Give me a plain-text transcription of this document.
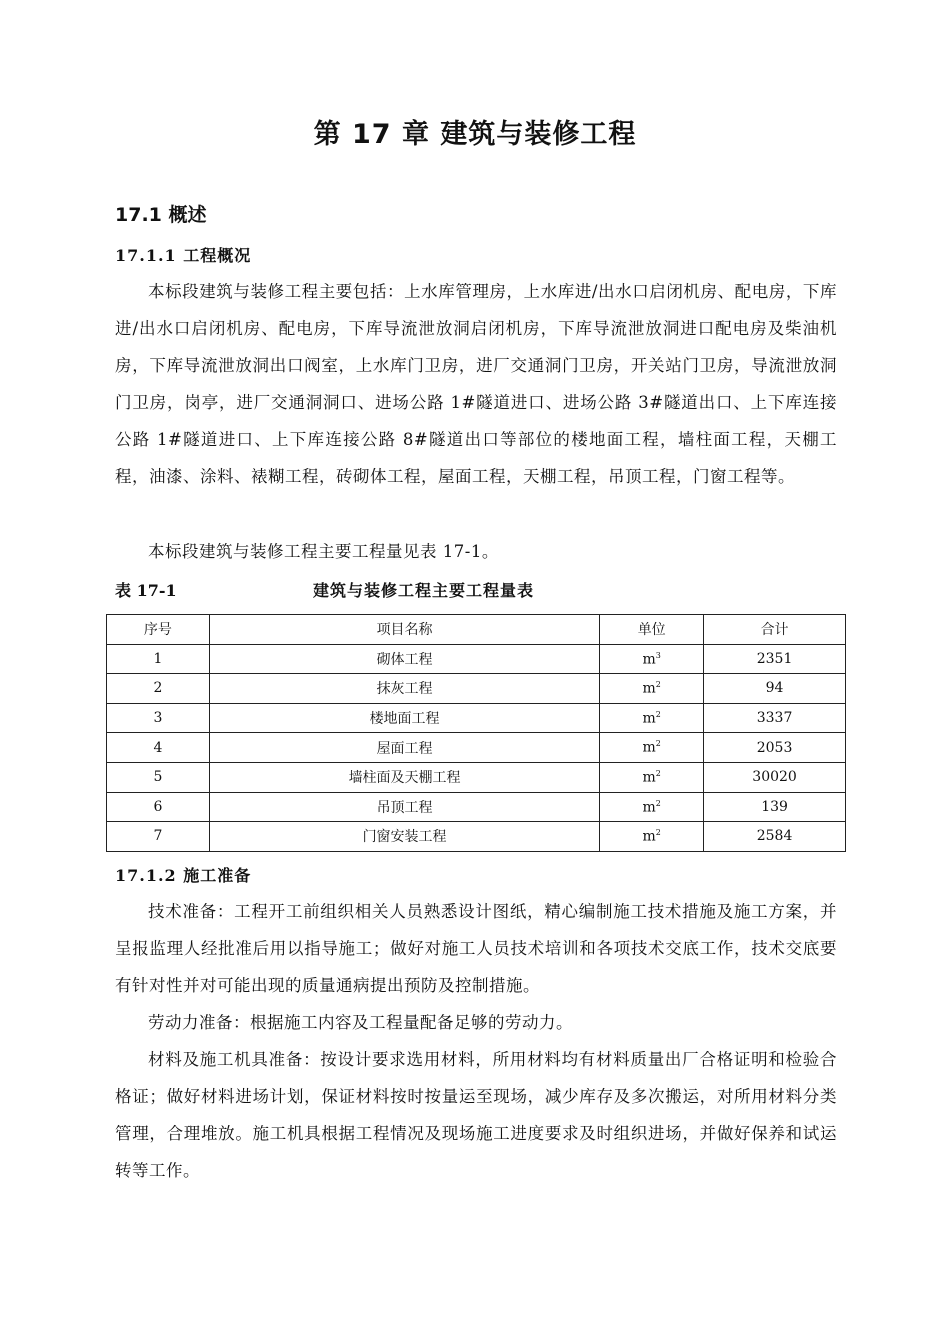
第 17 章 建筑与装修工程
17.1 概述
17.1.1 工程概况
本标段建筑与装修工程主要包括：上水库管理房，上水库进/出水口启闭机房、配电房，下库进/出水口启闭机房、配电房，下库导流泄放洞启闭机房，下库导流泄放洞进口配电房及柴油机房，下库导流泄放洞出口阀室，上水库门卫房，进厂交通洞门卫房，开关站门卫房，导流泄放洞门卫房，岗亭，进厂交通洞洞口、进场公路 1#隧道进口、进场公路 3#隧道出口、上下库连接公路 1#隧道进口、上下库连接公路 8#隧道出口等部位的楼地面工程，墙柱面工程，天棚工程，油漆、涂料、裱糊工程，砖砌体工程，屋面工程，天棚工程，吊顶工程，门窗工程等。
本标段建筑与装修工程主要工程量见表 17-1。
表 17-1	建筑与装修工程主要工程量表
序号	项目名称	单位	合计
1	砌体工程	$m^3$	2351
2	抹灰工程	$m^2$	94
3	楼地面工程	$m^2$	3337
4	屋面工程	$m^2$	2053
5	墙柱面及天棚工程	$m^2$	30020
6	吊顶工程	$m^2$	139
7	门窗安装工程	$m^2$	2584
17.1.2 施工准备
技术准备：工程开工前组织相关人员熟悉设计图纸，精心编制施工技术措施及施工方案，并呈报监理人经批准后用以指导施工；做好对施工人员技术培训和各项技术交底工作，技术交底要有针对性并对可能出现的质量通病提出预防及控制措施。
劳动力准备：根据施工内容及工程量配备足够的劳动力。
材料及施工机具准备：按设计要求选用材料，所用材料均有材料质量出厂合格证明和检验合格证；做好材料进场计划，保证材料按时按量运至现场，减少库存及多次搬运，对所用材料分类管理，合理堆放。施工机具根据工程情况及现场施工进度要求及时组织进场，并做好保养和试运转等工作。
